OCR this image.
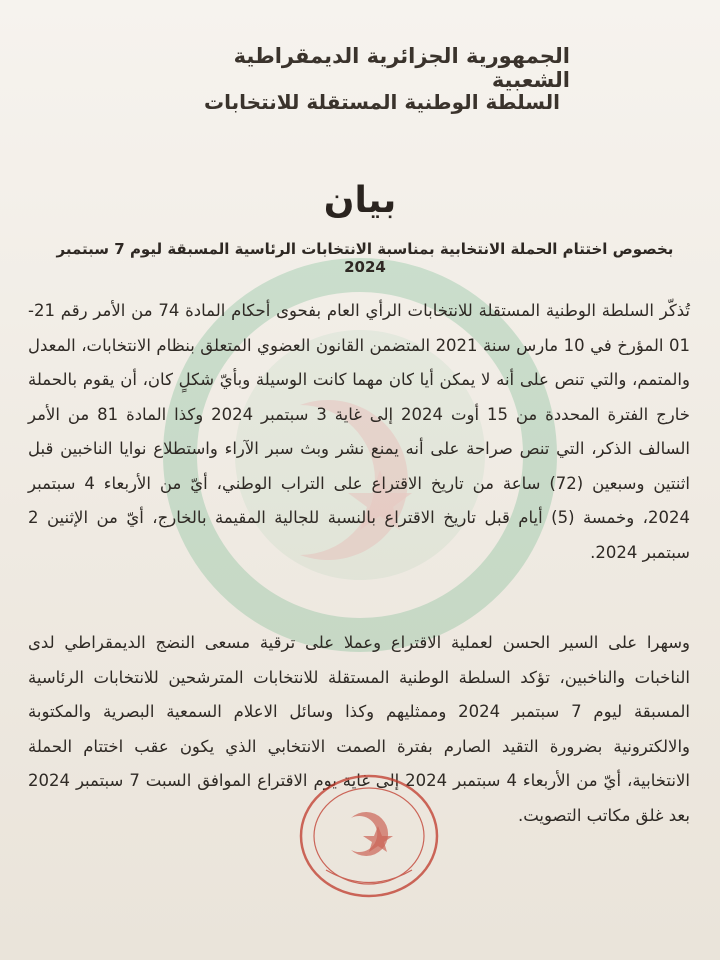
الجمهورية الجزائرية الديمقراطية الشعبية
السلطة الوطنية المستقلة للانتخابات
بيان
بخصوص اختتام الحملة الانتخابية بمناسبة الانتخابات الرئاسية المسبقة ليوم 7 سبتمبر 2024
تُذكّر السلطة الوطنية المستقلة للانتخابات الرأي العام بفحوى أحكام المادة 74 من الأمر رقم 21-01 المؤرخ في 10 مارس سنة 2021 المتضمن القانون العضوي المتعلق بنظام الانتخابات، المعدل والمتمم، والتي تنص على أنه لا يمكن أيا كان مهما كانت الوسيلة وبأيّ شكلٍ كان، أن يقوم بالحملة خارج الفترة المحددة من 15 أوت 2024 إلى غاية 3 سبتمبر 2024 وكذا المادة 81 من الأمر السالف الذكر، التي تنص صراحة على أنه يمنع نشر وبث سبر الآراء واستطلاع نوايا الناخبين قبل اثنتين وسبعين (72) ساعة من تاريخ الاقتراع على التراب الوطني، أيّ من الأربعاء 4 سبتمبر 2024، وخمسة (5) أيام قبل تاريخ الاقتراع بالنسبة للجالية المقيمة بالخارج، أيّ من الإثنين 2 سبتمبر 2024.
وسهرا على السير الحسن لعملية الاقتراع وعملا على ترقية مسعى النضج الديمقراطي لدى الناخبات والناخبين، تؤكد السلطة الوطنية المستقلة للانتخابات المترشحين للانتخابات الرئاسية المسبقة ليوم 7 سبتمبر 2024 وممثليهم وكذا وسائل الاعلام السمعية البصرية والمكتوبة والالكترونية بضرورة التقيد الصارم بفترة الصمت الانتخابي الذي يكون عقب اختتام الحملة الانتخابية، أيّ من الأربعاء 4 سبتمبر 2024 إلى غاية يوم الاقتراع الموافق السبت 7 سبتمبر 2024 بعد غلق مكاتب التصويت.
